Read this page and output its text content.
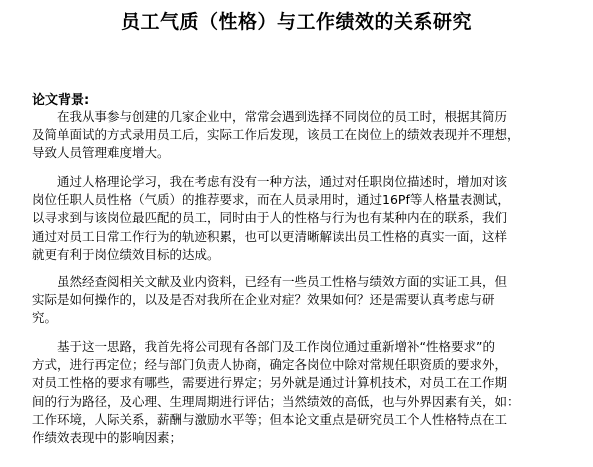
员工气质（性格）与工作绩效的关系研究
论文背景:

　　在我从事参与创建的几家企业中，常常会遇到选择不同岗位的员工时，根据其简历
及简单面试的方式录用员工后，实际工作后发现，该员工在岗位上的绩效表现并不理想，
导致人员管理难度增大。

　　通过人格理论学习，我在考虑有没有一种方法，通过对任职岗位描述时，增加对该
岗位任职人员性格（气质）的推荐要求，而在人员录用时，通过16Pf等人格量表测试，
以寻求到与该岗位最匹配的员工，同时由于人的性格与行为也有某种内在的联系，我们
通过对员工日常工作行为的轨迹积累，也可以更清晰解读出员工性格的真实一面，这样
就更有利于岗位绩效目标的达成。

　　虽然经查阅相关文献及业内资料，已经有一些员工性格与绩效方面的实证工具，但
实际是如何操作的，以及是否对我所在企业对症？效果如何？还是需要认真考虑与研
究。

　　基于这一思路，我首先将公司现有各部门及工作岗位通过重新增补“性格要求”的
方式，进行再定位；经与部门负责人协商，确定各岗位中除对常规任职资质的要求外，
对员工性格的要求有哪些，需要进行界定；另外就是通过计算机技术，对员工在工作期
间的行为路径，及心理、生理周期进行评估；当然绩效的高低，也与外界因素有关，如：
工作环境，人际关系，薪酬与激励水平等；但本论文重点是研究员工个人性格特点在工
作绩效表现中的影响因素；
